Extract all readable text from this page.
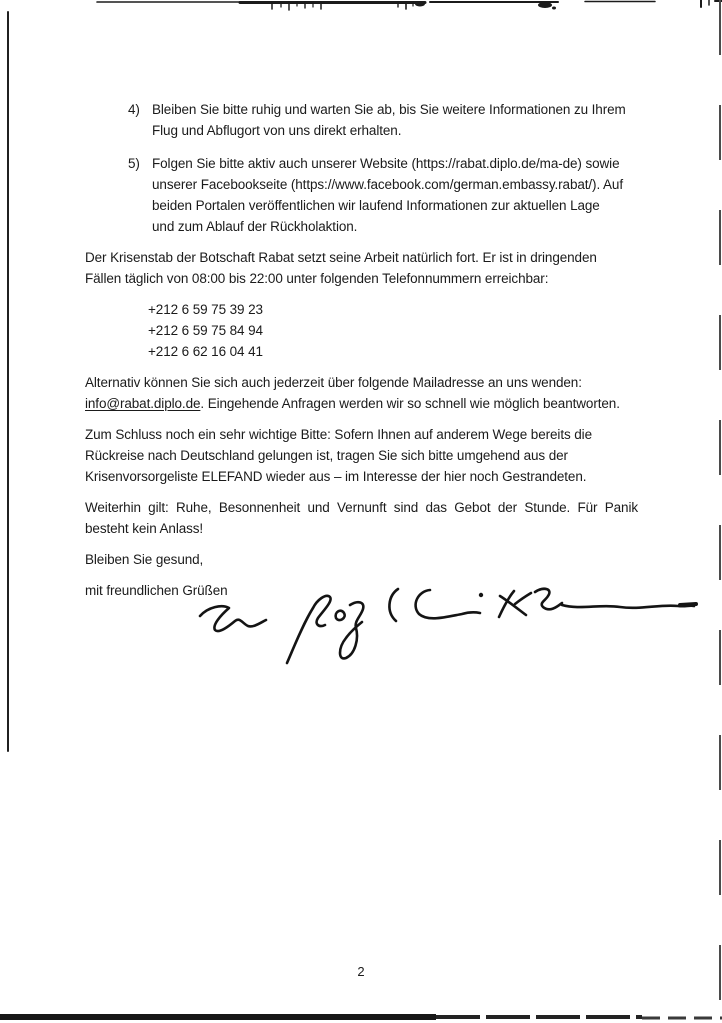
4) Bleiben Sie bitte ruhig und warten Sie ab, bis Sie weitere Informationen zu Ihrem
Flug und Abflugort von uns direkt erhalten.
5) Folgen Sie bitte aktiv auch unserer Website (https://rabat.diplo.de/ma-de) sowie
unserer Facebookseite (https://www.facebook.com/german.embassy.rabat/). Auf
beiden Portalen veröffentlichen wir laufend Informationen zur aktuellen Lage
und zum Ablauf der Rückholaktion.
Der Krisenstab der Botschaft Rabat setzt seine Arbeit natürlich fort. Er ist in dringenden
Fällen täglich von 08:00 bis 22:00 unter folgenden Telefonnummern erreichbar:
+212 6 59 75 39 23
+212 6 59 75 84 94
+212 6 62 16 04 41
Alternativ können Sie sich auch jederzeit über folgende Mailadresse an uns wenden:
info@rabat.diplo.de. Eingehende Anfragen werden wir so schnell wie möglich beantworten.
Zum Schluss noch ein sehr wichtige Bitte: Sofern Ihnen auf anderem Wege bereits die
Rückreise nach Deutschland gelungen ist, tragen Sie sich bitte umgehend aus der
Krisenvorsorgeliste ELEFAND wieder aus – im Interesse der hier noch Gestrandeten.
Weiterhin gilt: Ruhe, Besonnenheit und Vernunft sind das Gebot der Stunde. Für Panik
besteht kein Anlass!
Bleiben Sie gesund,
mit freundlichen Grüßen
2
